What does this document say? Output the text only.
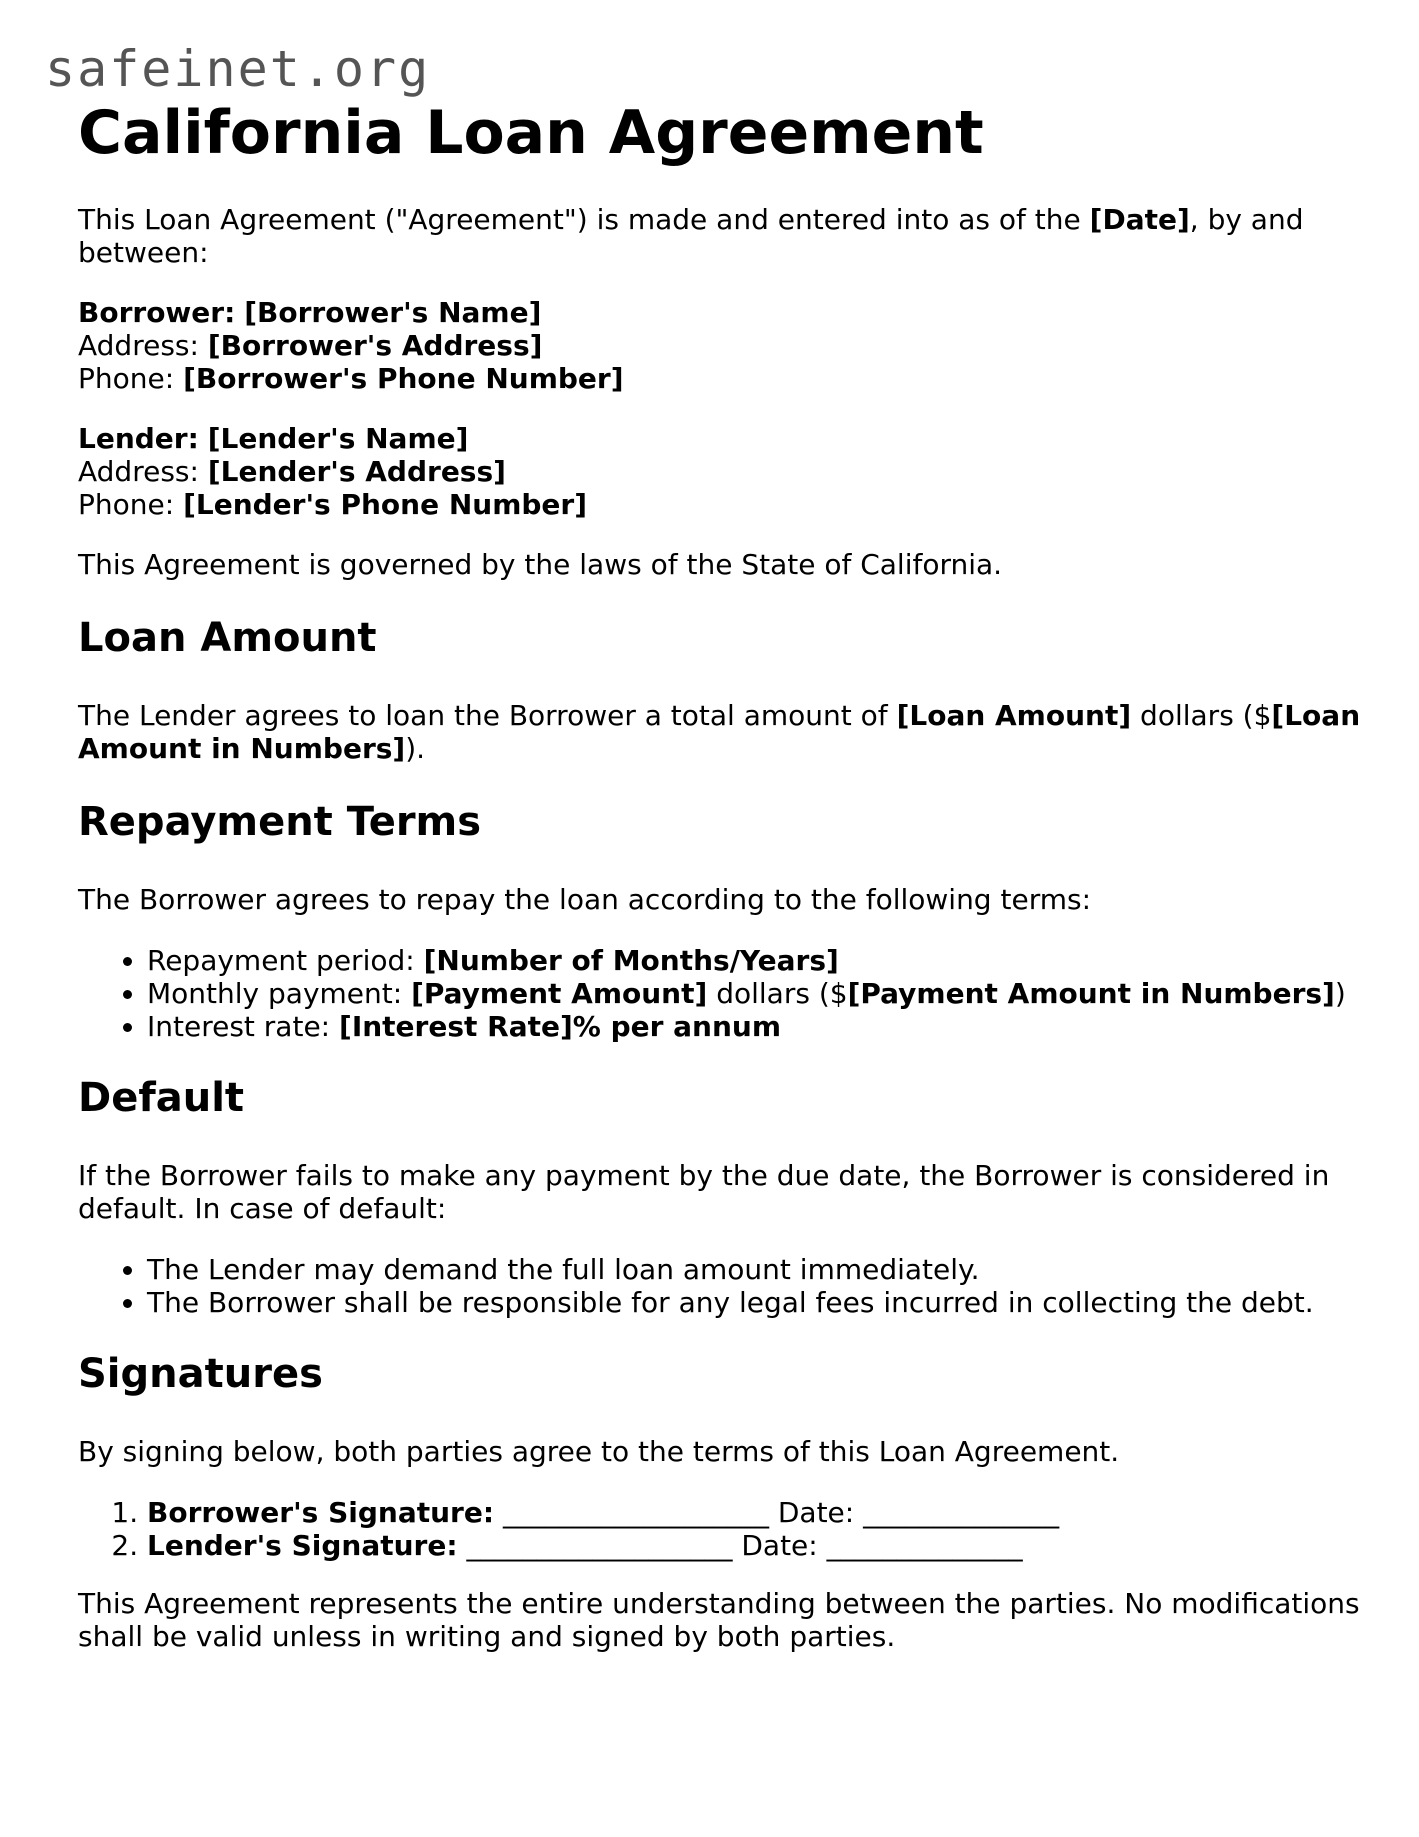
safeinet.org
California Loan Agreement

This Loan Agreement ("Agreement") is made and entered into as of the [Date], by and between:

Borrower: [Borrower's Name]
Address: [Borrower's Address]
Phone: [Borrower's Phone Number]

Lender: [Lender's Name]
Address: [Lender's Address]
Phone: [Lender's Phone Number]

This Agreement is governed by the laws of the State of California.

Loan Amount

The Lender agrees to loan the Borrower a total amount of [Loan Amount] dollars ($[Loan Amount in Numbers]).

Repayment Terms

The Borrower agrees to repay the loan according to the following terms:

• Repayment period: [Number of Months/Years]
• Monthly payment: [Payment Amount] dollars ($[Payment Amount in Numbers])
• Interest rate: [Interest Rate]% per annum
Default

If the Borrower fails to make any payment by the due date, the Borrower is considered in default. In case of default:

• The Lender may demand the full loan amount immediately.
• The Borrower shall be responsible for any legal fees incurred in collecting the debt.
Signatures

By signing below, both parties agree to the terms of this Loan Agreement.

1. Borrower's Signature: ___________________ Date: ______________
2. Lender's Signature: ___________________ Date: ______________

This Agreement represents the entire understanding between the parties. No modifications shall be valid unless in writing and signed by both parties.
